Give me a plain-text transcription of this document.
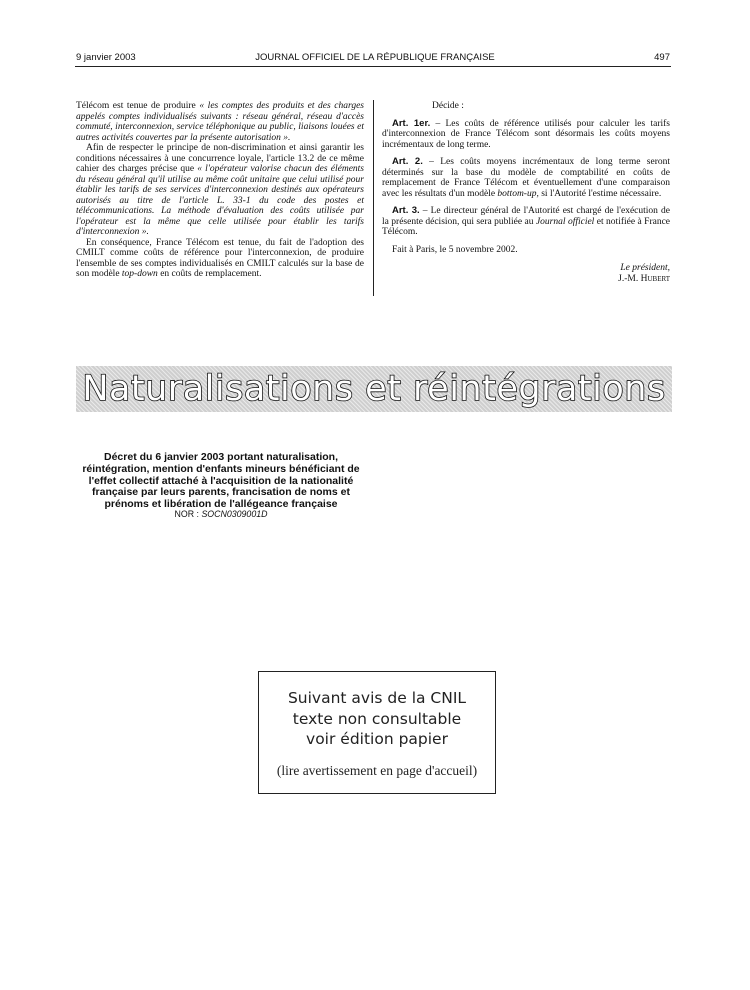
9 janvier 2003	JOURNAL OFFICIEL DE LA RÉPUBLIQUE FRANÇAISE	497

Télécom est tenue de produire « les comptes des produits et des charges appelés comptes individualisés suivants : réseau général, réseau d'accès commuté, interconnexion, service téléphonique au public, liaisons louées et autres activités couvertes par la présente autorisation ».

Afin de respecter le principe de non-discrimination et ainsi garantir les conditions nécessaires à une concurrence loyale, l'article 13.2 de ce même cahier des charges précise que « l'opérateur valorise chacun des éléments du réseau général qu'il utilise au même coût unitaire que celui utilisé pour établir les tarifs de ses services d'interconnexion destinés aux opérateurs autorisés au titre de l'article L. 33-1 du code des postes et télécommunications. La méthode d'évaluation des coûts utilisée par l'opérateur est la même que celle utilisée pour établir les tarifs d'interconnexion ».

En conséquence, France Télécom est tenue, du fait de l'adoption des CMILT comme coûts de référence pour l'interconnexion, de produire l'ensemble de ses comptes individualisés en CMILT calculés sur la base de son modèle top-down en coûts de remplacement.

Décide :

Art. 1er. – Les coûts de référence utilisés pour calculer les tarifs d'interconnexion de France Télécom sont désormais les coûts moyens incrémentaux de long terme.

Art. 2. – Les coûts moyens incrémentaux de long terme seront déterminés sur la base du modèle de comptabilité en coûts de remplacement de France Télécom et éventuellement d'une comparaison avec les résultats d'un modèle bottom-up, si l'Autorité l'estime nécessaire.

Art. 3. – Le directeur général de l'Autorité est chargé de l'exécution de la présente décision, qui sera publiée au Journal officiel et notifiée à France Télécom.

Fait à Paris, le 5 novembre 2002.

Le président,

J.-M. Hubert

Naturalisations et réintégrations
Décret du 6 janvier 2003 portant naturalisation, réintégration, mention d'enfants mineurs bénéficiant de l'effet collectif attaché à l'acquisition de la nationalité française par leurs parents, francisation de noms et prénoms et libération de l'allégeance française
NOR : SOCN0309001D
Suivant avis de la CNIL
texte non consultable
voir édition papier
(lire avertissement en page d'accueil)
